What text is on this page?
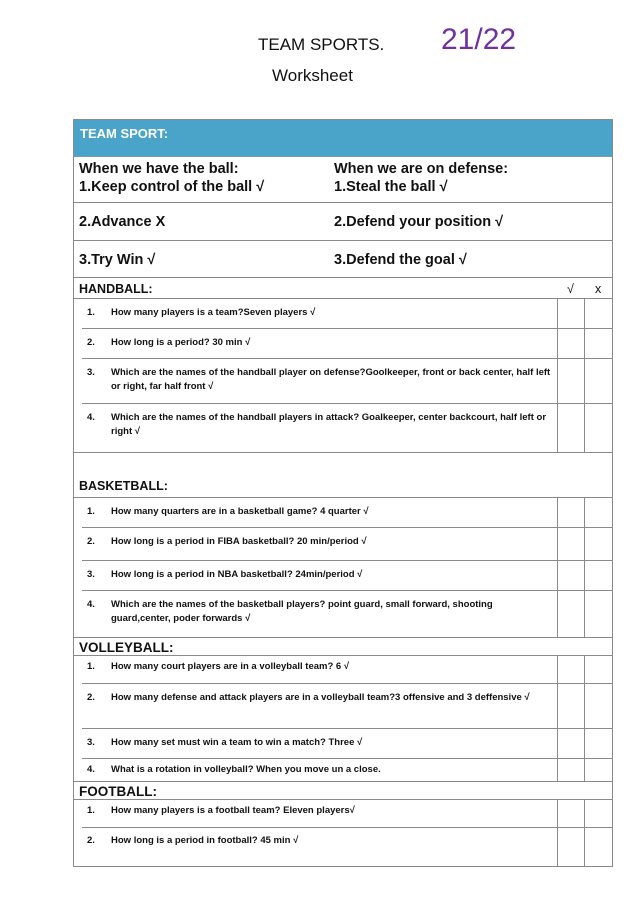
TEAM SPORTS. 21/22
Worksheet
TEAM SPORT:
When we have the ball:	When we are on defense:
1.Keep control of the ball √	1.Steal the ball √
2.Advance X	2.Defend your position √
3.Try Win √	3.Defend the goal √
HANDBALL:	√ x
1.	How many players is a team?Seven players √
2.	How long is a period? 30 min √
3.	Which are the names of the handball player on defense?Goolkeeper, front or back center, half left or right, far half front √
4.	Which are the names of the handball players in attack? Goalkeeper, center backcourt, half left or right √
BASKETBALL:
1.	How many quarters are in a basketball game? 4 quarter √
2.	How long is a period in FIBA basketball? 20 min/period √
3.	How long is a period in NBA basketball? 24min/period √
4.	Which are the names of the basketball players? point guard, small forward, shooting guard,center, poder forwards √
VOLLEYBALL:
1.	How many court players are in a volleyball team? 6 √
2.	How many defense and attack players are in a volleyball team?3 offensive and 3 deffensive √
3.	How many set must win a team to win a match? Three √
4.	What is a rotation in volleyball? When you move un a close.
FOOTBALL:
1.	How many players is a football team? Eleven players√
2.	How long is a period in football? 45 min √
